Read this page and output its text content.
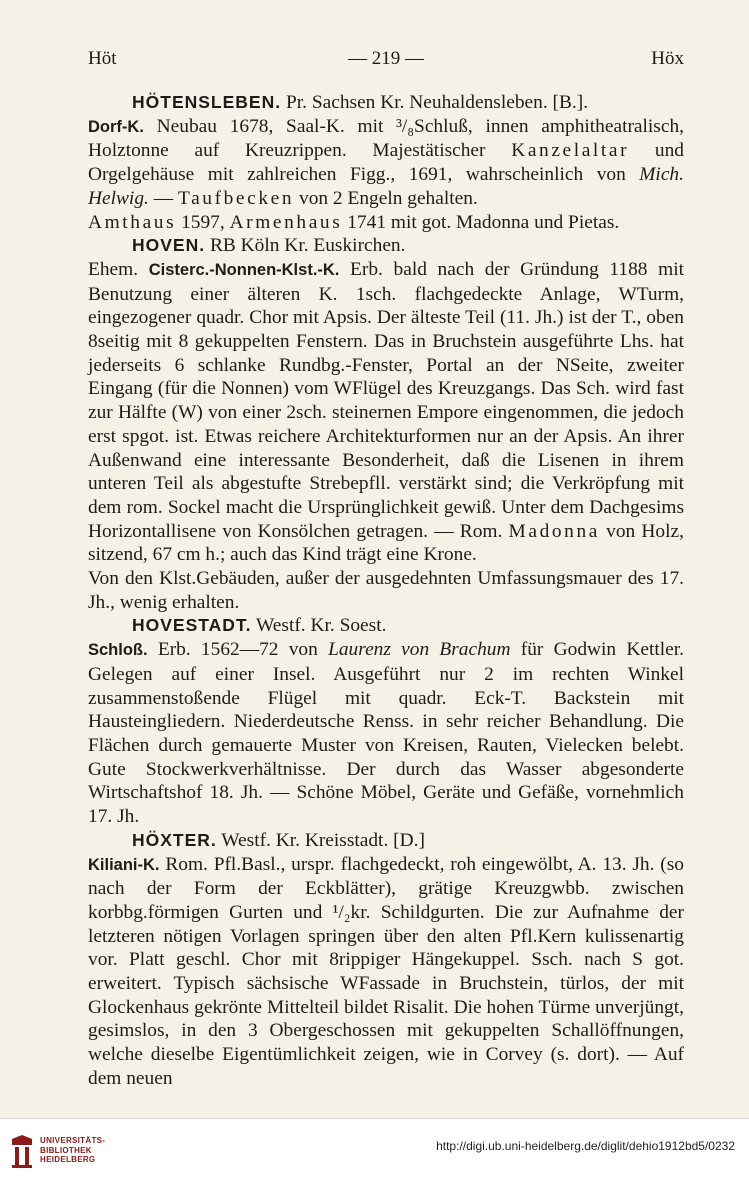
Höt	— 219 —	Höx

HÖTENSLEBEN. Pr. Sachsen Kr. Neuhaldensleben. [B.].

Dorf-K. Neubau 1678, Saal-K. mit ³/₈Schluß, innen amphitheatralisch, Holztonne auf Kreuzrippen. Majestätischer Kanzelaltar und Orgelgehäuse mit zahlreichen Figg., 1691, wahrscheinlich von Mich. Helwig. — Taufbecken von 2 Engeln gehalten.

Amthaus 1597, Armenhaus 1741 mit got. Madonna und Pietas.

HOVEN. RB Köln Kr. Euskirchen.

Ehem. Cisterc.-Nonnen-Klst.-K. Erb. bald nach der Gründung 1188 mit Benutzung einer älteren K. 1sch. flachgedeckte Anlage, WTurm, eingezogener quadr. Chor mit Apsis. Der älteste Teil (11. Jh.) ist der T., oben 8seitig mit 8 gekuppelten Fenstern. Das in Bruchstein ausgeführte Lhs. hat jederseits 6 schlanke Rundbg.-Fenster, Portal an der NSeite, zweiter Eingang (für die Nonnen) vom WFlügel des Kreuzgangs. Das Sch. wird fast zur Hälfte (W) von einer 2sch. steinernen Empore eingenommen, die jedoch erst spgot. ist. Etwas reichere Architekturformen nur an der Apsis. An ihrer Außenwand eine interessante Besonderheit, daß die Lisenen in ihrem unteren Teil als abgestufte Strebepfll. verstärkt sind; die Verkröpfung mit dem rom. Sockel macht die Ursprünglichkeit gewiß. Unter dem Dachgesims Horizontallisene von Konsölchen getragen. — Rom. Madonna von Holz, sitzend, 67 cm h.; auch das Kind trägt eine Krone.

Von den Klst.Gebäuden, außer der ausgedehnten Umfassungsmauer des 17. Jh., wenig erhalten.

HOVESTADT. Westf. Kr. Soest.

Schloß. Erb. 1562—72 von Laurenz von Brachum für Godwin Kettler. Gelegen auf einer Insel. Ausgeführt nur 2 im rechten Winkel zusammenstoßende Flügel mit quadr. Eck-T. Backstein mit Hausteingliedern. Niederdeutsche Renss. in sehr reicher Behandlung. Die Flächen durch gemauerte Muster von Kreisen, Rauten, Vielecken belebt. Gute Stockwerkverhältnisse. Der durch das Wasser abgesonderte Wirtschaftshof 18. Jh. — Schöne Möbel, Geräte und Gefäße, vornehmlich 17. Jh.

HÖXTER. Westf. Kr. Kreisstadt. [D.]

Kiliani-K. Rom. Pfl.Basl., urspr. flachgedeckt, roh eingewölbt, A. 13. Jh. (so nach der Form der Eckblätter), grätige Kreuzgwbb. zwischen korbbg.förmigen Gurten und ¹/₂kr. Schildgurten. Die zur Aufnahme der letzteren nötigen Vorlagen springen über den alten Pfl.Kern kulissenartig vor. Platt geschl. Chor mit 8rippiger Hängekuppel. Ssch. nach S got. erweitert. Typisch sächsische WFassade in Bruchstein, türlos, der mit Glockenhaus gekrönte Mittelteil bildet Risalit. Die hohen Türme unverjüngt, gesimslos, in den 3 Obergeschossen mit gekuppelten Schallöffnungen, welche dieselbe Eigentümlichkeit zeigen, wie in Corvey (s. dort). — Auf dem neuen

UNIVERSITÄTS-
BIBLIOTHEK
HEIDELBERG
http://digi.ub.uni-heidelberg.de/diglit/dehio1912bd5/0232
